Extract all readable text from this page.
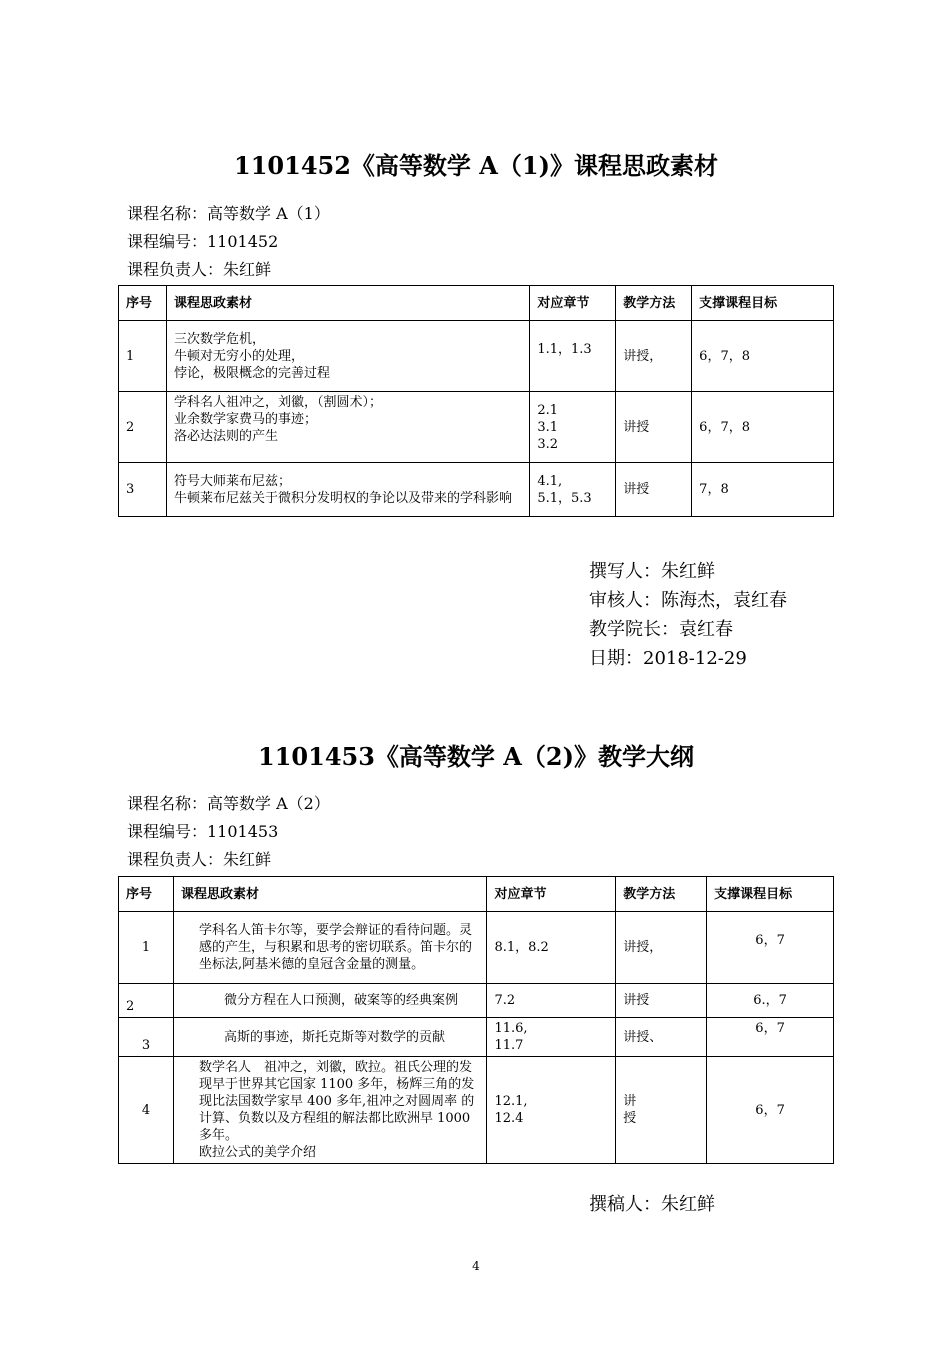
1101452《高等数学 A（1)》课程思政素材
课程名称：高等数学 A（1）
课程编号：1101452
课程负责人：朱红鲜
序号	课程思政素材	对应章节	教学方法	支撑课程目标
1	三次数学危机，
牛顿对无穷小的处理，
悖论，极限概念的完善过程	1.1，1.3	讲授，	6，7，8
2	学科名人祖冲之，刘徽，（割圆术）；
业余数学家费马的事迹；
洛必达法则的产生	2.1
3.1
3.2	讲授	6，7，8
3	符号大师莱布尼兹；
牛顿莱布尼兹关于微积分发明权的争论以及带来的学科影响	4.1,
5.1，5.3	讲授	7，8
撰写人：朱红鲜
审核人：陈海杰，袁红春
教学院长：袁红春
日期：2018-12-29
1101453《高等数学 A（2)》教学大纲
课程名称：高等数学 A（2）
课程编号：1101453
课程负责人：朱红鲜
序号	课程思政素材	对应章节	教学方法	支撑课程目标
1	学科名人笛卡尔等，要学会辩证的看待问题。灵感的产生，与积累和思考的密切联系。笛卡尔的坐标法,阿基米德的皇冠含金量的测量。	8.1，8.2	讲授，	6，7
2	微分方程在人口预测，破案等的经典案例	7.2	讲授	6.，7
3	高斯的事迹，斯托克斯等对数学的贡献	11.6,
11.7	讲授、	6，7
4	数学名人　祖冲之，刘徽，欧拉。祖氏公理的发现早于世界其它国家 1100 多年，杨辉三角的发现比法国数学家早 400 多年,祖冲之对圆周率 的计算、负数以及方程组的解法都比欧洲早 1000 多年。
欧拉公式的美学介绍	12.1,
12.4	讲
授	6，7
撰稿人：朱红鲜
4
